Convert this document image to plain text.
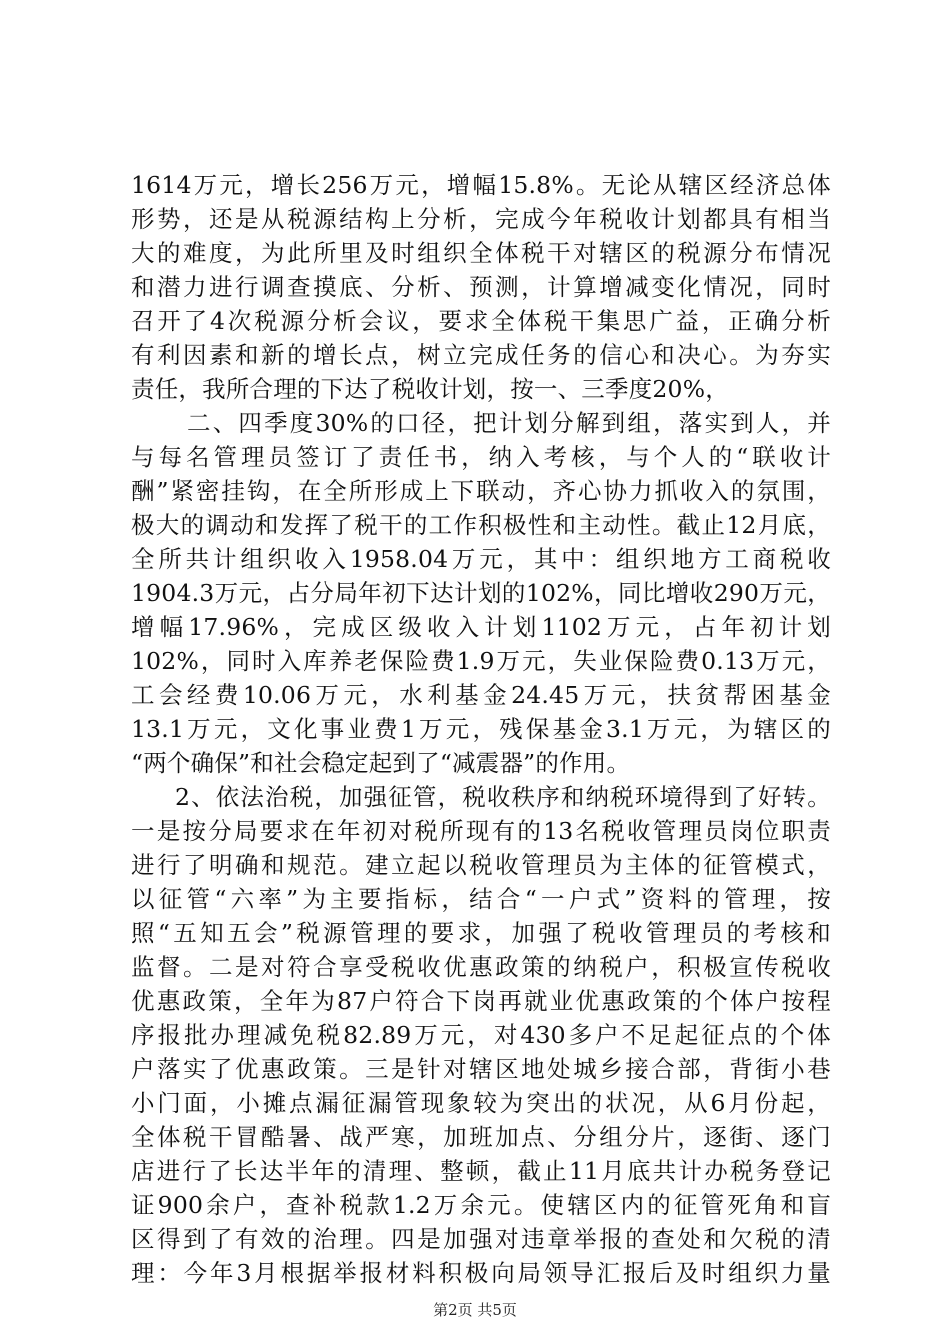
1614万元，增长256万元，增幅15.8%。无论从辖区经济总体
形势，还是从税源结构上分析，完成今年税收计划都具有相当
大的难度，为此所里及时组织全体税干对辖区的税源分布情况
和潜力进行调查摸底、分析、预测，计算增减变化情况，同时
召开了4次税源分析会议，要求全体税干集思广益，正确分析
有利因素和新的增长点，树立完成任务的信心和决心。为夯实
责任，我所合理的下达了税收计划，按一、三季度20%，
二、四季度30%的口径，把计划分解到组，落实到人，并
与每名管理员签订了责任书，纳入考核，与个人的“联收计
酬”紧密挂钩，在全所形成上下联动，齐心协力抓收入的氛围，
极大的调动和发挥了税干的工作积极性和主动性。截止12月底，
全所共计组织收入1958.04万元，其中：组织地方工商税收
1904.3万元，占分局年初下达计划的102%，同比增收290万元，
增幅17.96%，完成区级收入计划1102万元，占年初计划
102%，同时入库养老保险费1.9万元，失业保险费0.13万元，
工会经费10.06万元，水利基金24.45万元，扶贫帮困基金
13.1万元，文化事业费1万元，残保基金3.1万元，为辖区的
“两个确保”和社会稳定起到了“减震器”的作用。
2、依法治税，加强征管，税收秩序和纳税环境得到了好转。
一是按分局要求在年初对税所现有的13名税收管理员岗位职责
进行了明确和规范。建立起以税收管理员为主体的征管模式，
以征管“六率”为主要指标，结合“一户式”资料的管理，按
照“五知五会”税源管理的要求，加强了税收管理员的考核和
监督。二是对符合享受税收优惠政策的纳税户，积极宣传税收
优惠政策，全年为87户符合下岗再就业优惠政策的个体户按程
序报批办理减免税82.89万元，对430多户不足起征点的个体
户落实了优惠政策。三是针对辖区地处城乡接合部，背街小巷
小门面，小摊点漏征漏管现象较为突出的状况，从6月份起，
全体税干冒酷暑、战严寒，加班加点、分组分片，逐街、逐门
店进行了长达半年的清理、整顿，截止11月底共计办税务登记
证900余户，查补税款1.2万余元。使辖区内的征管死角和盲
区得到了有效的治理。四是加强对违章举报的查处和欠税的清
理：今年3月根据举报材料积极向局领导汇报后及时组织力量
第2页 共5页
